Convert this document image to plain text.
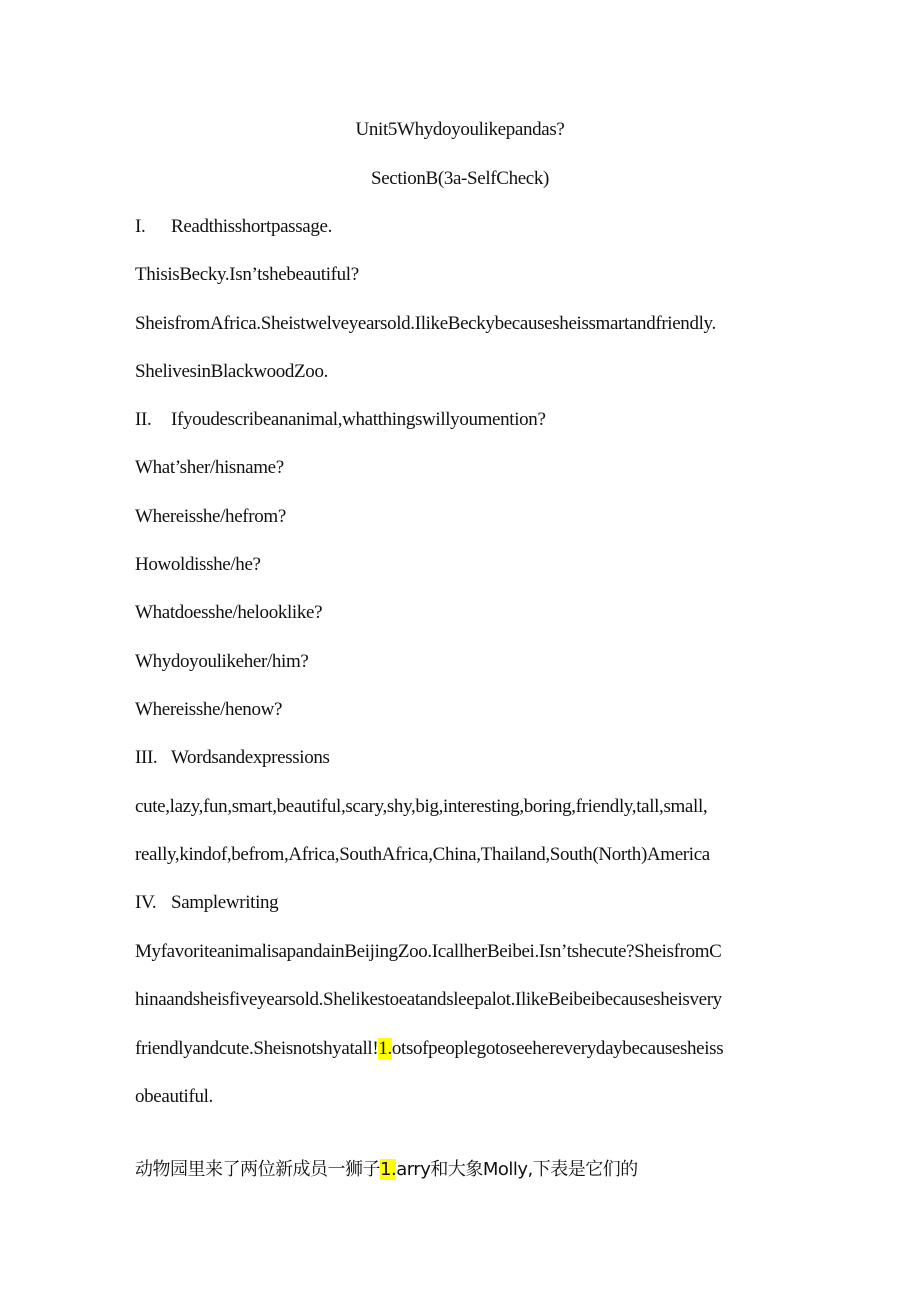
Unit5Whydoyoulikepandas?
SectionB(3a-SelfCheck)
I. Readthisshortpassage.
ThisisBecky.Isn’tshebeautiful?
SheisfromAfrica.Sheistwelveyearsold.IlikeBeckybecausesheissmartandfriendly.
ShelivesinBlackwoodZoo.
II. Ifyoudescribeananimal,whatthingswillyoumention?
What’sher/hisname?
Whereisshe/hefrom?
Howoldisshe/he?
Whatdoesshe/helooklike?
Whydoyoulikeher/him?
Whereisshe/henow?
III. Wordsandexpressions
cute,lazy,fun,smart,beautiful,scary,shy,big,interesting,boring,friendly,tall,small,
really,kindof,befrom,Africa,SouthAfrica,China,Thailand,South(North)America
IV. Samplewriting
MyfavoriteanimalisapandainBeijingZoo.IcallherBeibei.Isn’tshecute?SheisfromC
hinaandsheisfiveyearsold.Shelikestoeatandsleepalot.IlikeBeibeibecausesheisvery
friendlyandcute.Sheisnotshyatall!1.otsofpeoplegotoseehereverydaybecausesheiss
obeautiful.
动物园里来了两位新成员一狮子1.arry和大象Molly,下表是它们的
